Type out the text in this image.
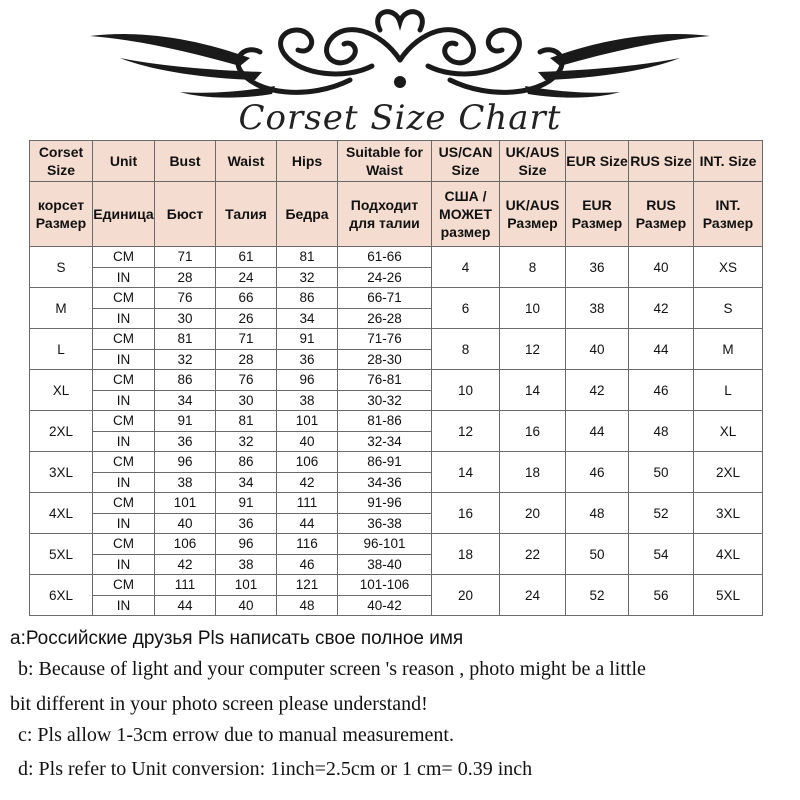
Corset Size Chart
Corset Size	Unit	Bust	Waist	Hips	Suitable for Waist	US/CAN Size	UK/AUS Size	EUR Size	RUS Size	INT. Size
корсет Размер	Единица	Бюст	Талия	Бедра	Подходит для талии	США / МОЖЕТ размер	UK/AUS Размер	EUR Размер	RUS Размер	INT. Размер
S	CM	71	61	81	61-66	4	8	36	40	XS
	IN	28	24	32	24-26					
M	CM	76	66	86	66-71	6	10	38	42	S
	IN	30	26	34	26-28					
L	CM	81	71	91	71-76	8	12	40	44	M
	IN	32	28	36	28-30					
XL	CM	86	76	96	76-81	10	14	42	46	L
	IN	34	30	38	30-32					
2XL	CM	91	81	101	81-86	12	16	44	48	XL
	IN	36	32	40	32-34					
3XL	CM	96	86	106	86-91	14	18	46	50	2XL
	IN	38	34	42	34-36					
4XL	CM	101	91	111	91-96	16	20	48	52	3XL
	IN	40	36	44	36-38					
5XL	CM	106	96	116	96-101	18	22	50	54	4XL
	IN	42	38	46	38-40					
6XL	CM	111	101	121	101-106	20	24	52	56	5XL
	IN	44	40	48	40-42					
a:Российские друзья Pls написать свое полное имя
b: Because of light and your computer screen 's reason , photo might be a little
bit different in your photo screen please understand!
c: Pls allow 1-3cm errow due to manual measurement.
d: Pls refer to Unit conversion: 1inch=2.5cm or 1 cm= 0.39 inch
